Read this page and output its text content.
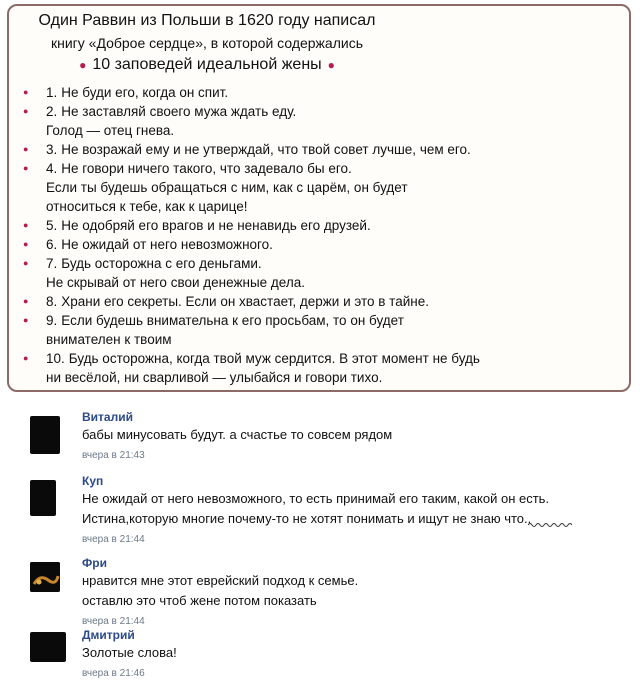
Один Раввин из Польши в 1620 году написал
книгу «Доброе сердце», в которой содержались
● 10 заповедей идеальной жены ●
● 1. Не буди его, когда он спит.
● 2. Не заставляй своего мужа ждать еду.
Голод — отец гнева.
● 3. Не возражай ему и не утверждай, что твой совет лучше, чем его.
● 4. Не говори ничего такого, что задевало бы его.
Если ты будешь обращаться с ним, как с царём, он будет
относиться к тебе, как к царице!
● 5. Не одобряй его врагов и не ненавидь его друзей.
● 6. Не ожидай от него невозможного.
● 7. Будь осторожна с его деньгами.
Не скрывай от него свои денежные дела.
● 8. Храни его секреты. Если он хвастает, держи и это в тайне.
● 9. Если будешь внимательна к его просьбам, то он будет
внимателен к твоим
● 10. Будь осторожна, когда твой муж сердится. В этот момент не будь
ни весёлой, ни сварливой — улыбайся и говори тихо.
Виталий
бабы минусовать будут. а счастье то совсем рядом
вчера в 21:43
Куп
Не ожидай от него невозможного, то есть принимай его таким, какой он есть.
Истина,которую многие почему-то не хотят понимать и ищут не знаю что..
вчера в 21:44
Фри
нравится мне этот еврейский подход к семье.
оставлю это чтоб жене потом показать
вчера в 21:44
Дмитрий
Золотые слова!
вчера в 21:46
